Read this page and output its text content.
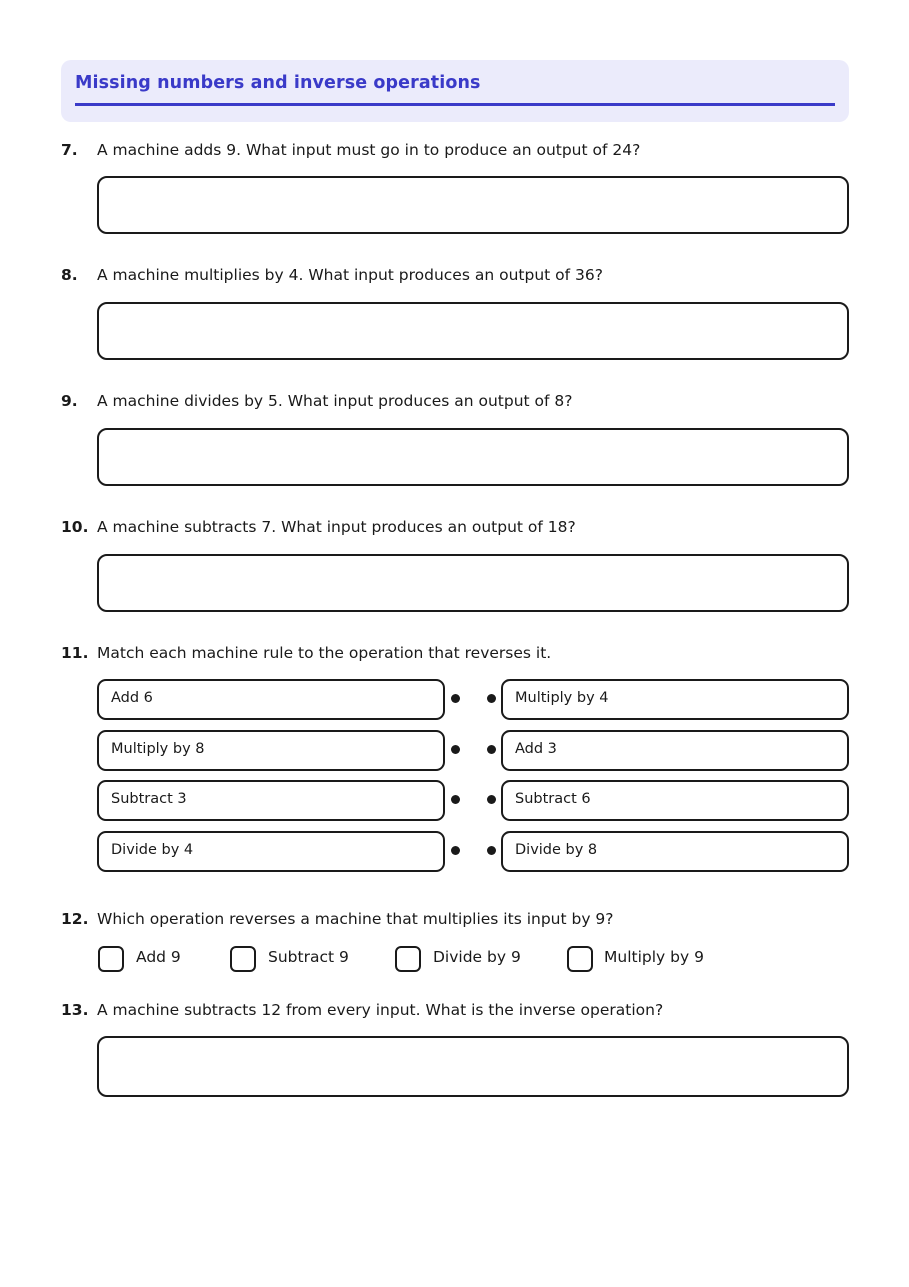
Missing numbers and inverse operations
7. A machine adds 9. What input must go in to produce an output of 24?
8. A machine multiplies by 4. What input produces an output of 36?
9. A machine divides by 5. What input produces an output of 8?
10. A machine subtracts 7. What input produces an output of 18?
11. Match each machine rule to the operation that reverses it.
Add 6	Multiply by 4
Multiply by 8	Add 3
Subtract 3	Subtract 6
Divide by 4	Divide by 8
12. Which operation reverses a machine that multiplies its input by 9?
Add 9	Subtract 9	Divide by 9	Multiply by 9
13. A machine subtracts 12 from every input. What is the inverse operation?
